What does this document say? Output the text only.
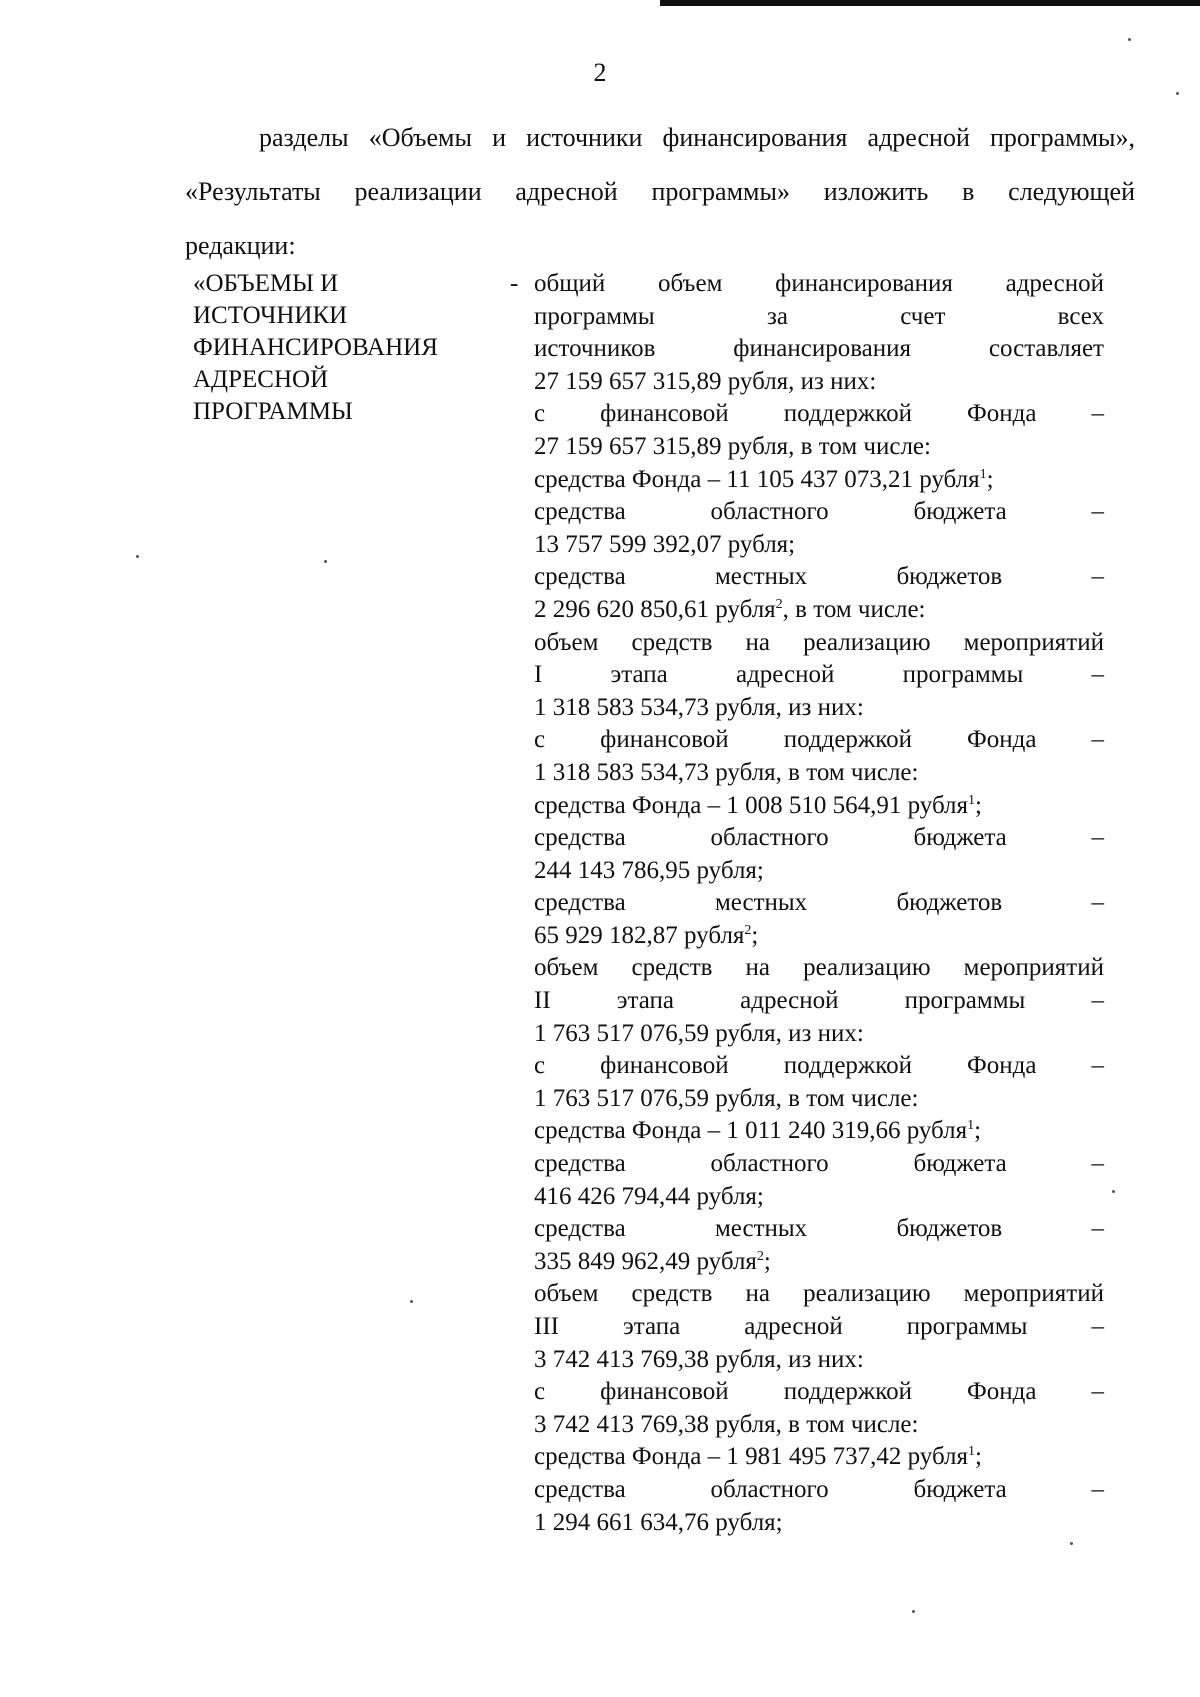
2

разделы «Объемы и источники финансирования адресной программы»,

«Результаты реализации адресной программы» изложить в следующей

редакции:

«ОБЪЕМЫ И
ИСТОЧНИКИ
ФИНАНСИРОВАНИЯ
АДРЕСНОЙ
ПРОГРАММЫ
- общий объем финансирования адресной
программы за счет всех
источников финансирования составляет
27 159 657 315,89 рубля, из них:
с финансовой поддержкой Фонда –
27 159 657 315,89 рубля, в том числе:
средства Фонда – 11 105 437 073,21 рубля$^1$;
средства областного бюджета –
13 757 599 392,07 рубля;
средства местных бюджетов –
2 296 620 850,61 рубля$^2$, в том числе:
объем средств на реализацию мероприятий
I этапа адресной программы –
1 318 583 534,73 рубля, из них:
с финансовой поддержкой Фонда –
1 318 583 534,73 рубля, в том числе:
средства Фонда – 1 008 510 564,91 рубля$^1$;
средства областного бюджета –
244 143 786,95 рубля;
средства местных бюджетов –
65 929 182,87 рубля$^2$;
объем средств на реализацию мероприятий
II этапа адресной программы –
1 763 517 076,59 рубля, из них:
с финансовой поддержкой Фонда –
1 763 517 076,59 рубля, в том числе:
средства Фонда – 1 011 240 319,66 рубля$^1$;
средства областного бюджета –
416 426 794,44 рубля;
средства местных бюджетов –
335 849 962,49 рубля$^2$;
объем средств на реализацию мероприятий
III этапа адресной программы –
3 742 413 769,38 рубля, из них:
с финансовой поддержкой Фонда –
3 742 413 769,38 рубля, в том числе:
средства Фонда – 1 981 495 737,42 рубля$^1$;
средства областного бюджета –
1 294 661 634,76 рубля;
